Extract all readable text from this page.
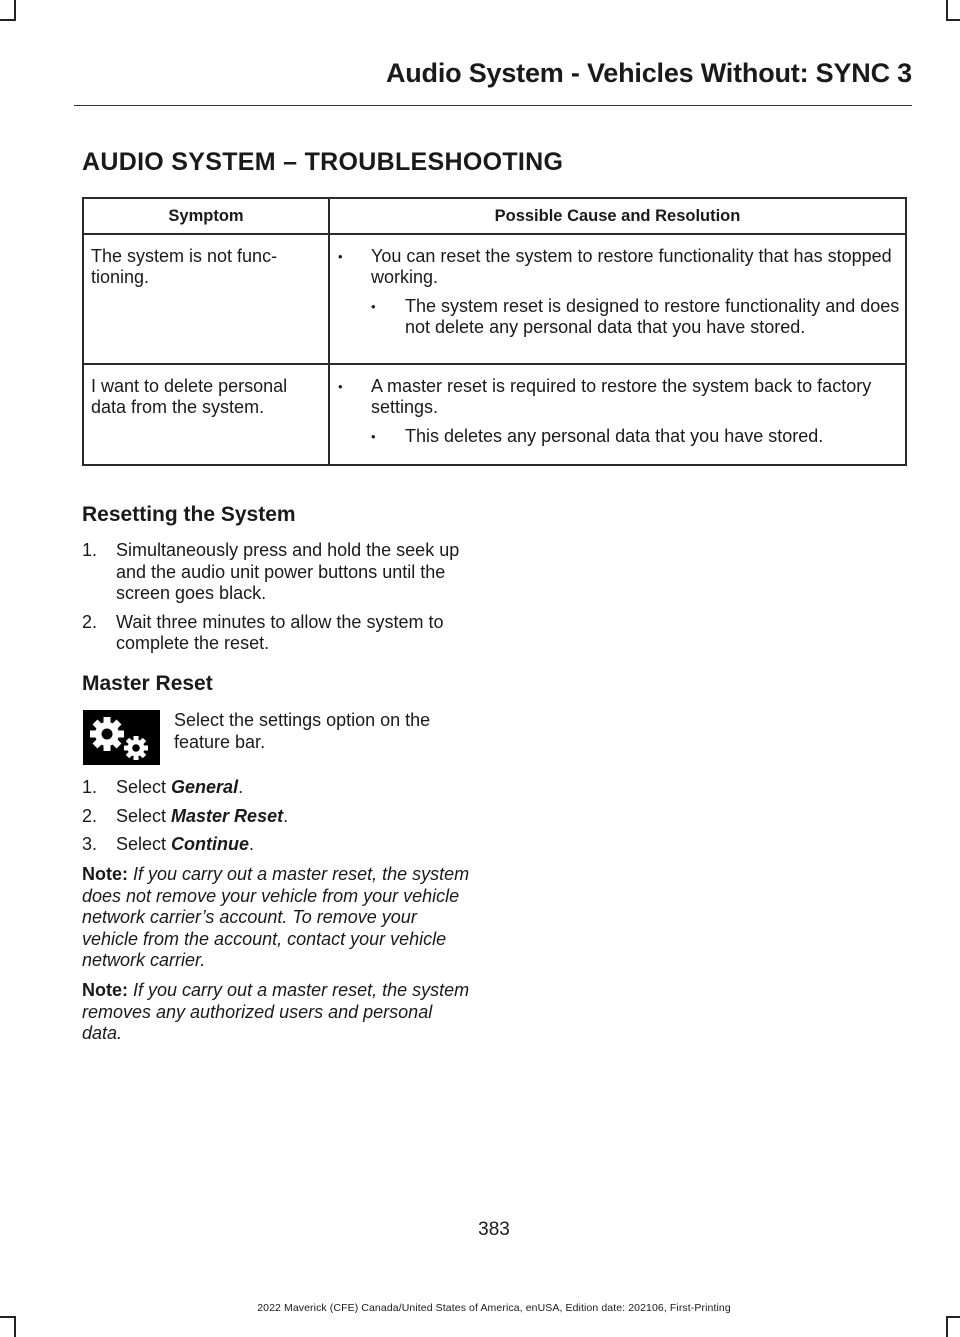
Audio System - Vehicles Without: SYNC 3
AUDIO SYSTEM – TROUBLESHOOTING
Symptom	Possible Cause and Resolution
The system is not func-tioning.	• You can reset the system to restore functionality that has stopped working.
• The system reset is designed to restore functionality and does not delete any personal data that you have stored.

I want to delete personal data from the system.	• A master reset is required to restore the system back to factory settings.
• This deletes any personal data that you have stored.
Resetting the System
1. Simultaneously press and hold the seek up and the audio unit power buttons until the screen goes black.
2. Wait three minutes to allow the system to complete the reset.
Master Reset
Select the settings option on the feature bar.
1. Select General.
2. Select Master Reset.
3. Select Continue.
Note: If you carry out a master reset, the system does not remove your vehicle from your vehicle network carrier’s account. To remove your vehicle from the account, contact your vehicle network carrier.
Note: If you carry out a master reset, the system removes any authorized users and personal data.
383
2022 Maverick (CFE) Canada/United States of America, enUSA, Edition date: 202106, First-Printing
